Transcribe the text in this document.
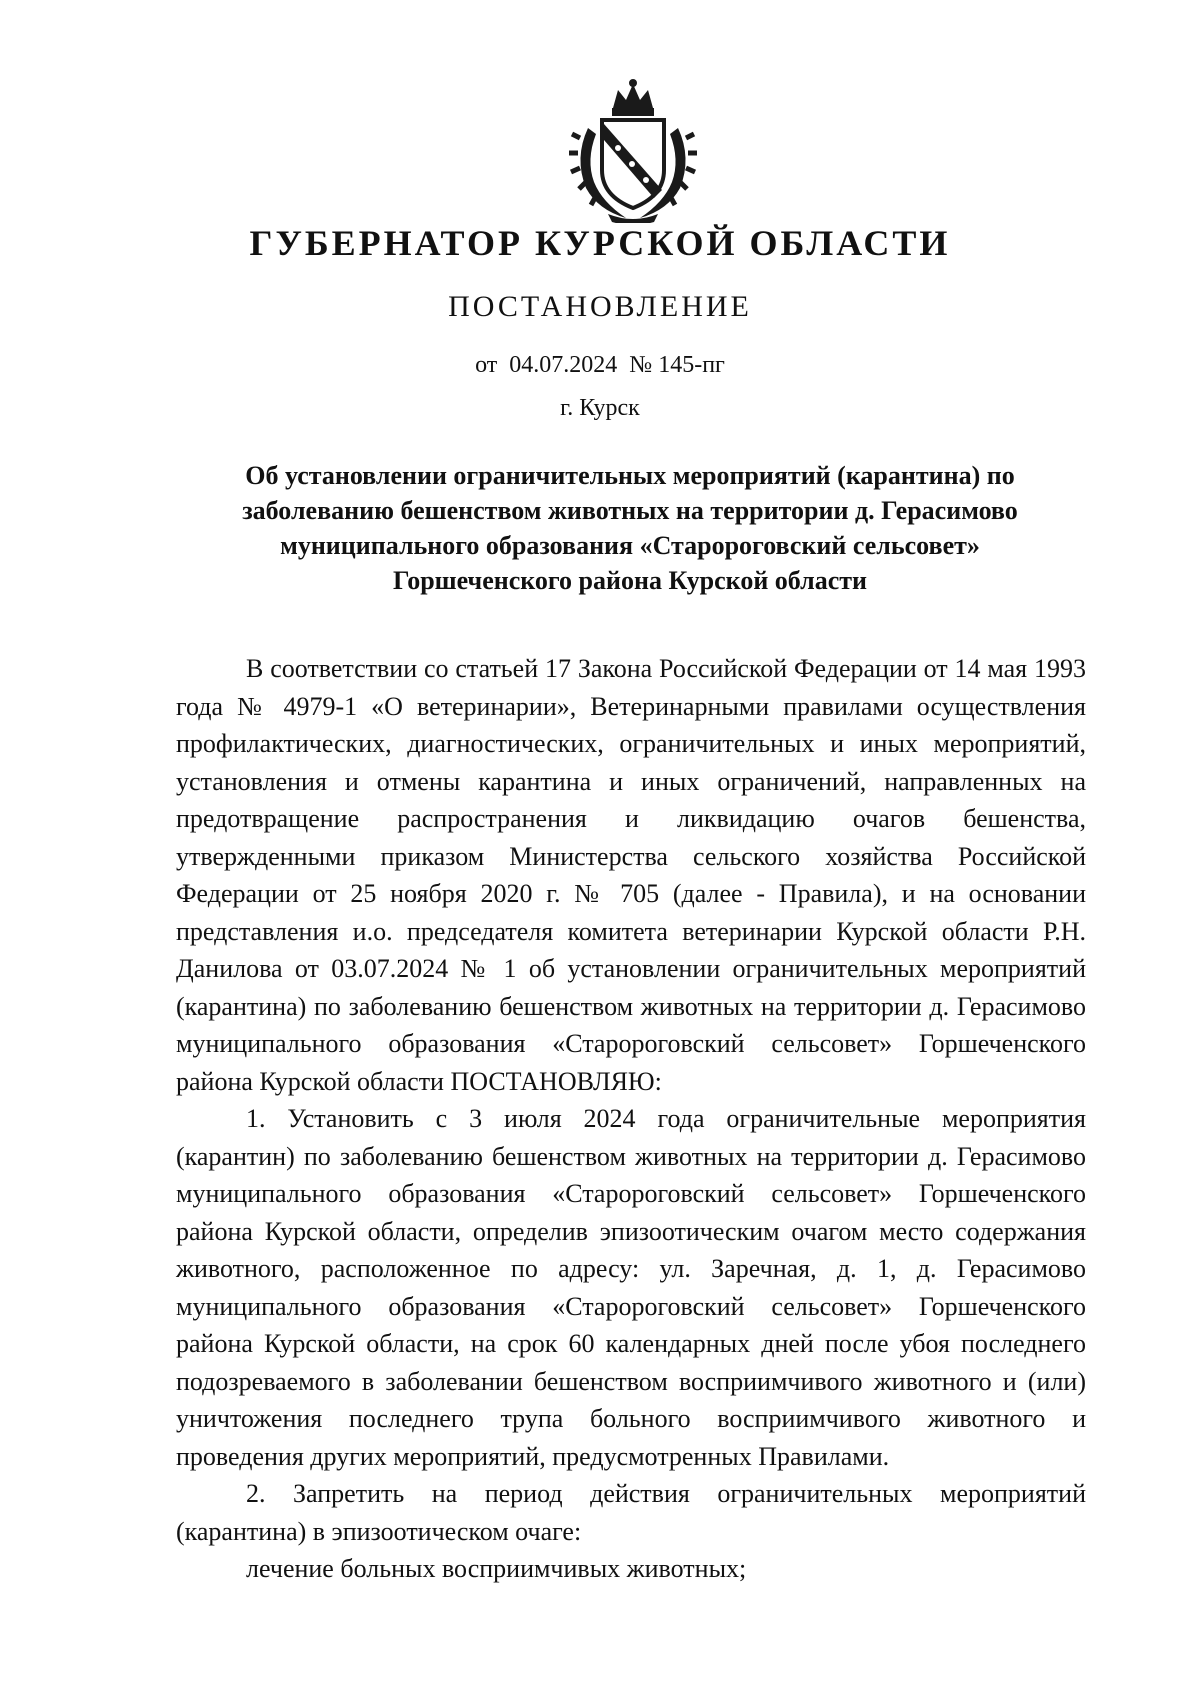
ГУБЕРНАТОР КУРСКОЙ ОБЛАСТИ
ПОСТАНОВЛЕНИЕ
от  04.07.2024  № 145-пг
г. Курск
Об установлении ограничительных мероприятий (карантина) по заболеванию бешенством животных на территории д. Герасимово муниципального образования «Старороговский сельсовет» Горшеченского района Курской области

В соответствии со статьей 17 Закона Российской Федерации от 14 мая 1993 года № 4979-1 «О ветеринарии», Ветеринарными правилами осуществления профилактических, диагностических, ограничительных и иных мероприятий, установления и отмены карантина и иных ограничений, направленных на предотвращение распространения и ликвидацию очагов бешенства, утвержденными приказом Министерства сельского хозяйства Российской Федерации от 25 ноября 2020 г. № 705 (далее - Правила), и на основании представления и.о. председателя комитета ветеринарии Курской области Р.Н. Данилова от 03.07.2024 № 1 об установлении ограничительных мероприятий (карантина) по заболеванию бешенством животных на территории д. Герасимово муниципального образования «Старороговский сельсовет» Горшеченского района Курской области ПОСТАНОВЛЯЮ:

1. Установить с 3 июля 2024 года ограничительные мероприятия (карантин) по заболеванию бешенством животных на территории д. Герасимово муниципального образования «Старороговский сельсовет» Горшеченского района Курской области, определив эпизоотическим очагом место содержания животного, расположенное по адресу: ул. Заречная, д. 1, д. Герасимово муниципального образования «Старороговский сельсовет» Горшеченского района Курской области, на срок 60 календарных дней после убоя последнего подозреваемого в заболевании бешенством восприимчивого животного и (или) уничтожения последнего трупа больного восприимчивого животного и проведения других мероприятий, предусмотренных Правилами.

2. Запретить на период действия ограничительных мероприятий (карантина) в эпизоотическом очаге:

лечение больных восприимчивых животных;
